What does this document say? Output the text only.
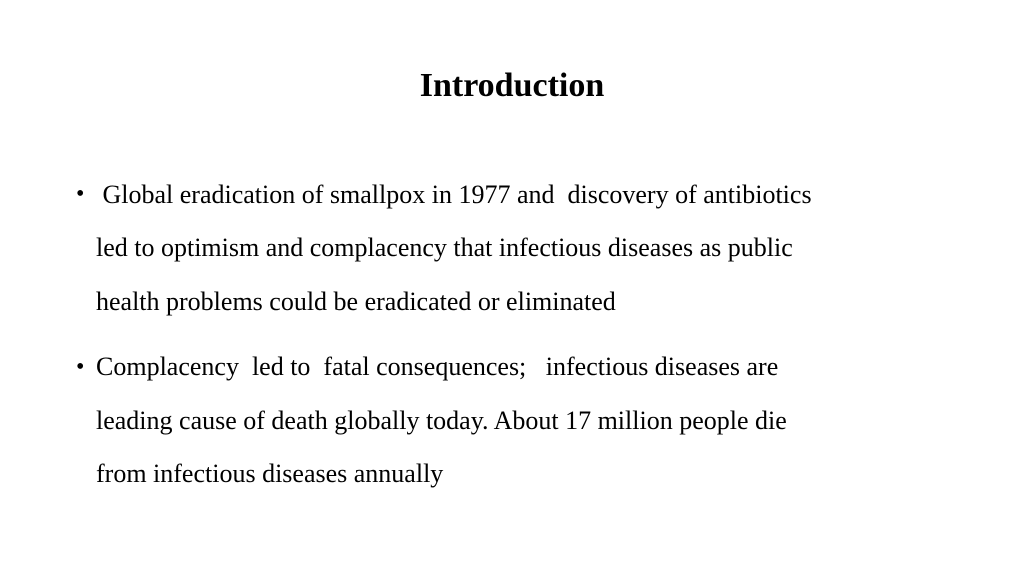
Introduction
• Global eradication of smallpox in 1977 and  discovery of antibiotics
led to optimism and complacency that infectious diseases as public
health problems could be eradicated or eliminated
• Complacency  led to  fatal consequences;   infectious diseases are
leading cause of death globally today. About 17 million people die
from infectious diseases annually
